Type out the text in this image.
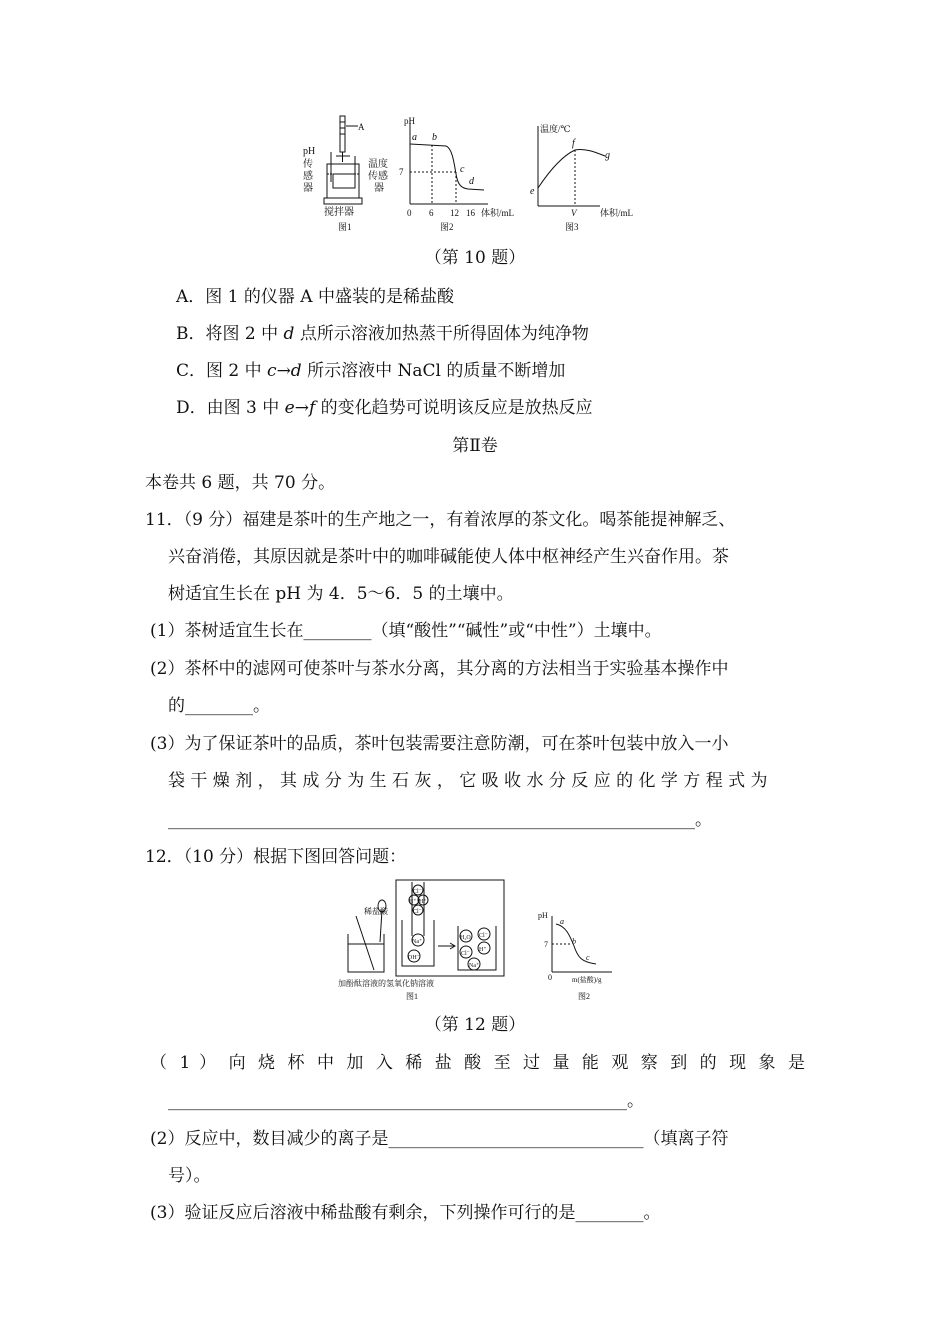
A
pH
传
感
器
温度
传感
器
搅拌器
图1
pH
7
a b
c
d
0 6 12 16 体积/mL
图2
温度/℃
e
f
g
V	体积/mL
图3
（第 10 题）
A．图 1 的仪器 A 中盛装的是稀盐酸
B．将图 2 中 d 点所示溶液加热蒸干所得固体为纯净物
C．图 2 中 c→d 所示溶液中 NaCl 的质量不断增加
D．由图 3 中 e→f 的变化趋势可说明该反应是放热反应
第Ⅱ卷
本卷共 6 题，共 70 分。
11．（9 分）福建是茶叶的生产地之一，有着浓厚的茶文化。喝茶能提神解乏、
兴奋消倦，其原因就是茶叶中的咖啡碱能使人体中枢神经产生兴奋作用。茶
树适宜生长在 pH 为 4．5～6．5 的土壤中。
(1）茶树适宜生长在________（填“酸性”“碱性”或“中性”）土壤中。
(2）茶杯中的滤网可使茶叶与茶水分离，其分离的方法相当于实验基本操作中
的________。
(3）为了保证茶叶的品质，茶叶包装需要注意防潮，可在茶叶包装中放入一小
袋 干 燥 剂 ， 其 成 分 为 生 石 灰 ， 它 吸 收 水 分 反 应 的 化 学 方 程 式 为
______________________________________________________________。
12．（10 分）根据下图回答问题：
稀盐酸
Cl⁻
H⁺ H⁺
Cl⁻
Na⁺
OH⁻
H₂O Cl⁻
Cl⁻
H⁺
Na⁺
加酚酞溶液的氢氧化钠溶液
图1
pH
7
a
b
c
0	m(盐酸)/g
图2
（第 12 题）
（ 1 ） 向 烧 杯 中 加 入 稀 盐 酸 至 过 量 能 观 察 到 的 现 象 是
______________________________________________________。
(2）反应中，数目减少的离子是______________________________（填离子符
号）。
(3）验证反应后溶液中稀盐酸有剩余，下列操作可行的是________。
